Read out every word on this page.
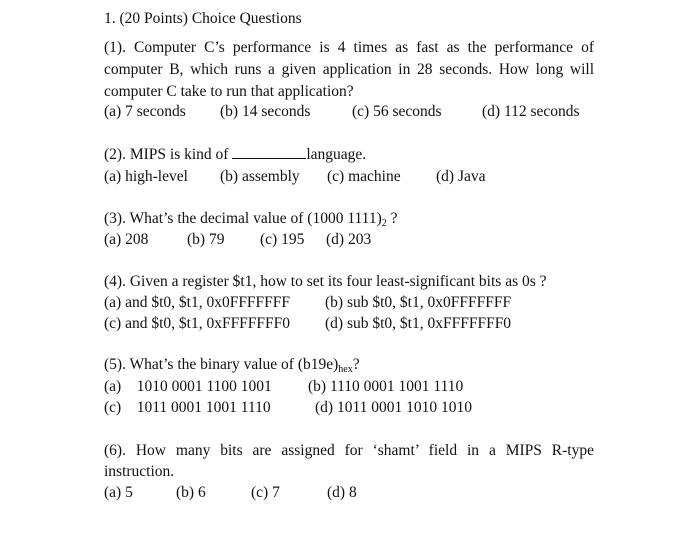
1. (20 Points) Choice Questions
(1). Computer C’s performance is 4 times as fast as the performance of
computer B, which runs a given application in 28 seconds. How long will
computer C take to run that application?
(a) 7 seconds (b) 14 seconds	(c) 56 seconds	(d) 112 seconds
(2). MIPS is kind of	language.
(a) high-level (b) assembly (c) machine (d) Java
(3). What’s the decimal value of (1000 $1111)_2$ ?
(a) 208 (b) 79 (c) 195 (d) 203
(4). Given a register $t1, how to set its four least-significant bits as 0s ?
(a) and $t0, $t1, 0x0FFFFFFF (b) sub $t0, $t1, 0x0FFFFFFF
(c) and $t0, $t1, 0xFFFFFFF0 (d) sub $t0, $t1, 0xFFFFFFF0
(5). What’s the binary value of $(b19e)_{hex}$?
(a)    1010 0001 1100 1001 (b) 1110 0001 1001 1110
(c)    1011 0001 1001 1110	(d) 1011 0001 1010 1010
(6). How many bits are assigned for ‘shamt’ field in a MIPS R-type
instruction.
(a) 5	(b) 6	(c) 7	(d) 8
